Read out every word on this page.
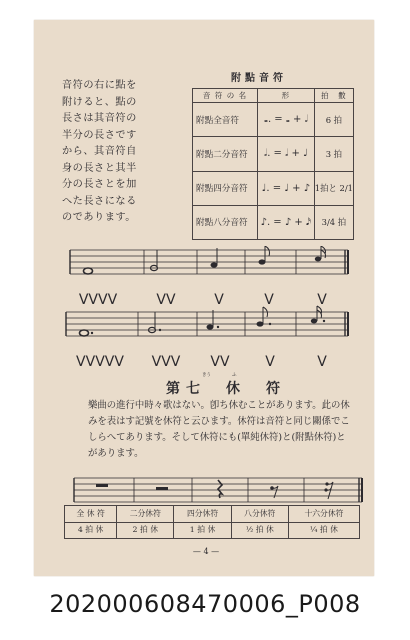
音符の右に點を
附けると、點の
長さは其音符の
半分の長さです
から、其音符自
身の長さと其半
分の長さとを加
へた長さになる
のであります。
附點音符
音 符 の 名	形	拍　數
附點全音符	𝅝. = 𝅝 + 𝅗𝅥	6 拍
附點二分音符	𝅗𝅥. = 𝅗𝅥 + ♩	3 拍
附點四分音符	♩. = ♩ + ♪	1拍と 2/1
附點八分音符	♪. = ♪ + 𝅘𝅥𝅯	3/4 拍
VVVV	VV	V	V	V
VVVVV VVV VV	V	V
きう	ふ
第七　休　符
樂曲の進行中時々歌はない。卽ち休むことがあります。此の休
みを表はす記號を休符と云ひます。休符は音符と同じ關係でこ
しらへてあります。そして休符にも(單純休符)と(附點休符)と
があります。
全 休 符	二分休符	四分休符	八分休符	十六分休符
4 拍 休	2 拍 休	1 拍 休	½ 拍 休	¼ 拍 休
— 4 —
202000608470006_P008
